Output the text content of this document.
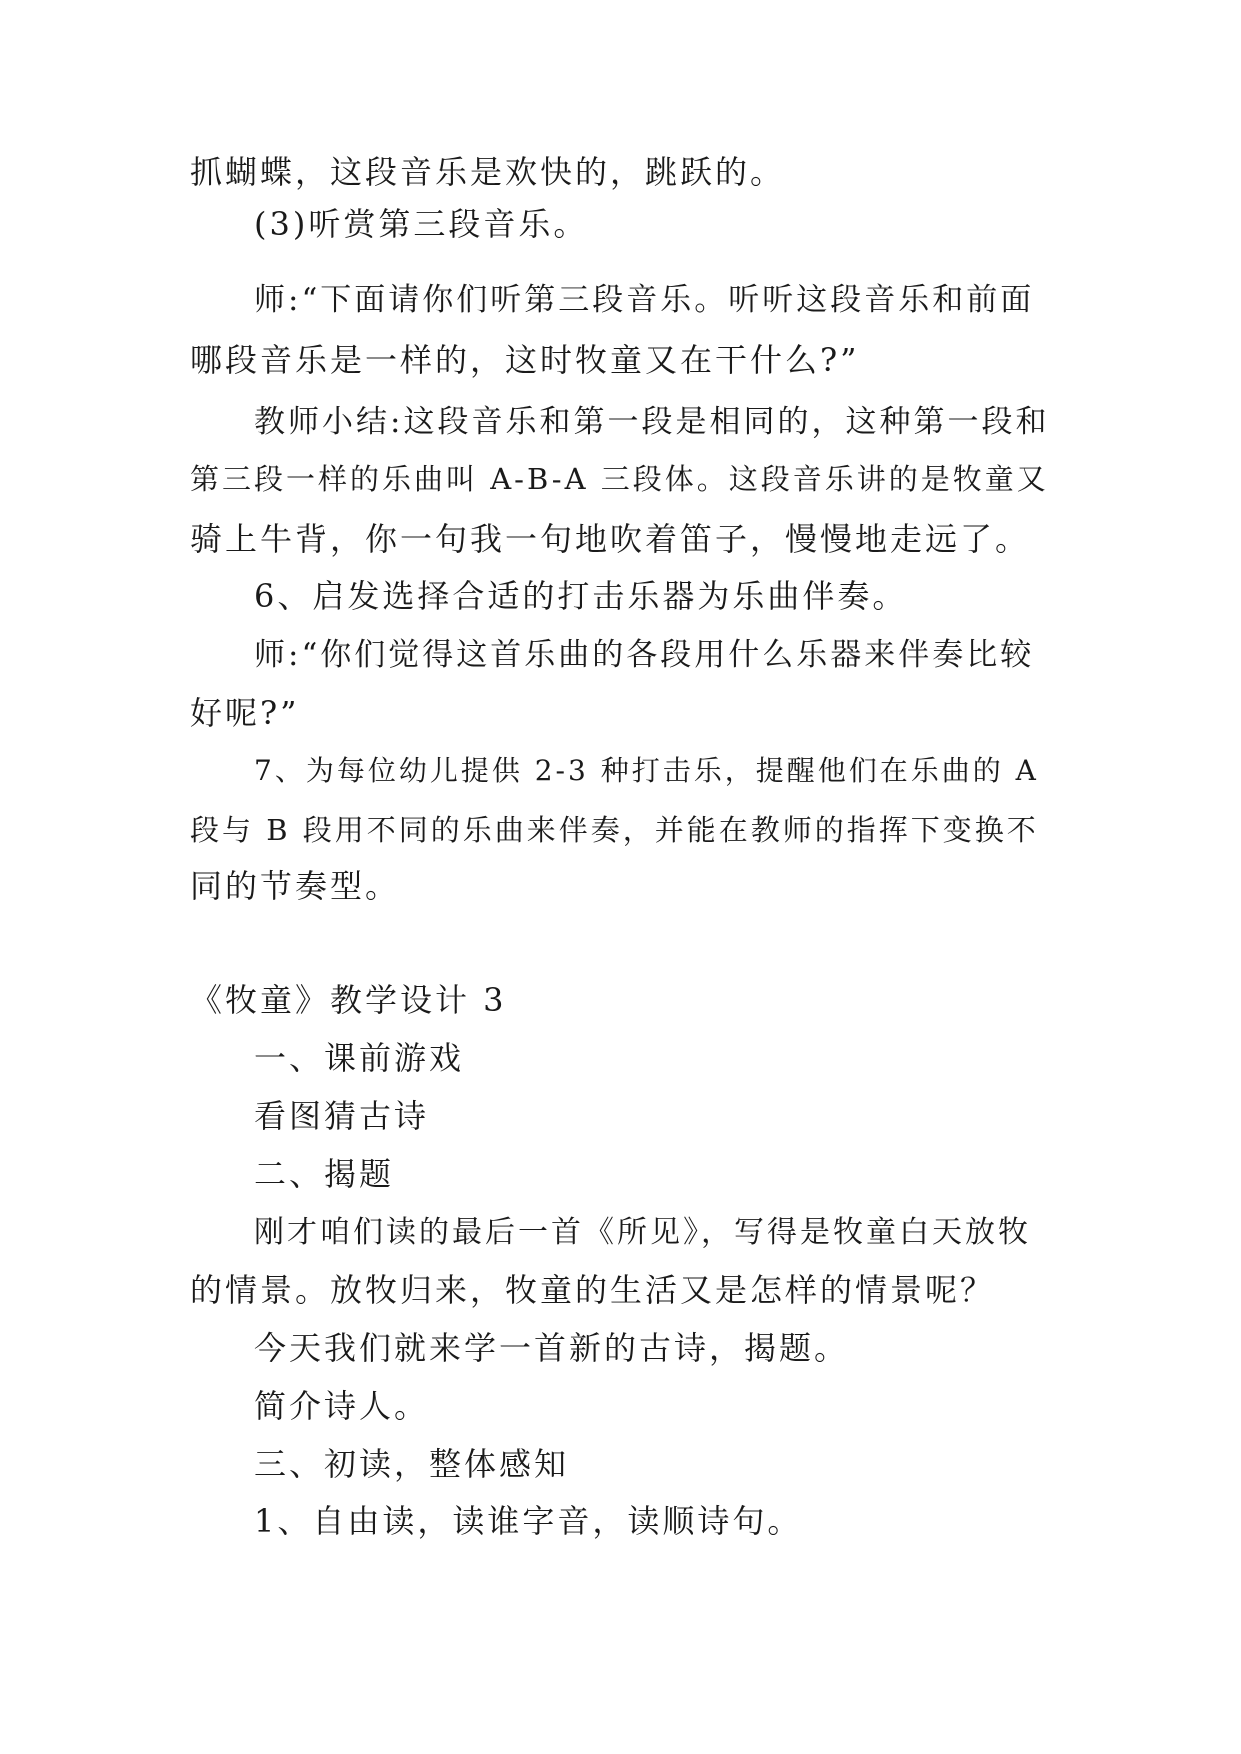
抓蝴蝶，这段音乐是欢快的，跳跃的。
(3)听赏第三段音乐。
师:“下面请你们听第三段音乐。听听这段音乐和前面
哪段音乐是一样的，这时牧童又在干什么?”
教师小结:这段音乐和第一段是相同的，这种第一段和
第三段一样的乐曲叫 A-B-A 三段体。这段音乐讲的是牧童又
骑上牛背，你一句我一句地吹着笛子，慢慢地走远了。
6、启发选择合适的打击乐器为乐曲伴奏。
师:“你们觉得这首乐曲的各段用什么乐器来伴奏比较
好呢?”
7、为每位幼儿提供 2-3 种打击乐，提醒他们在乐曲的 A
段与 B 段用不同的乐曲来伴奏，并能在教师的指挥下变换不
同的节奏型。
《牧童》教学设计 3
一、课前游戏
看图猜古诗
二、揭题
刚才咱们读的最后一首《所见》，写得是牧童白天放牧
的情景。放牧归来，牧童的生活又是怎样的情景呢？
今天我们就来学一首新的古诗，揭题。
简介诗人。
三、初读，整体感知
1、自由读，读谁字音，读顺诗句。
